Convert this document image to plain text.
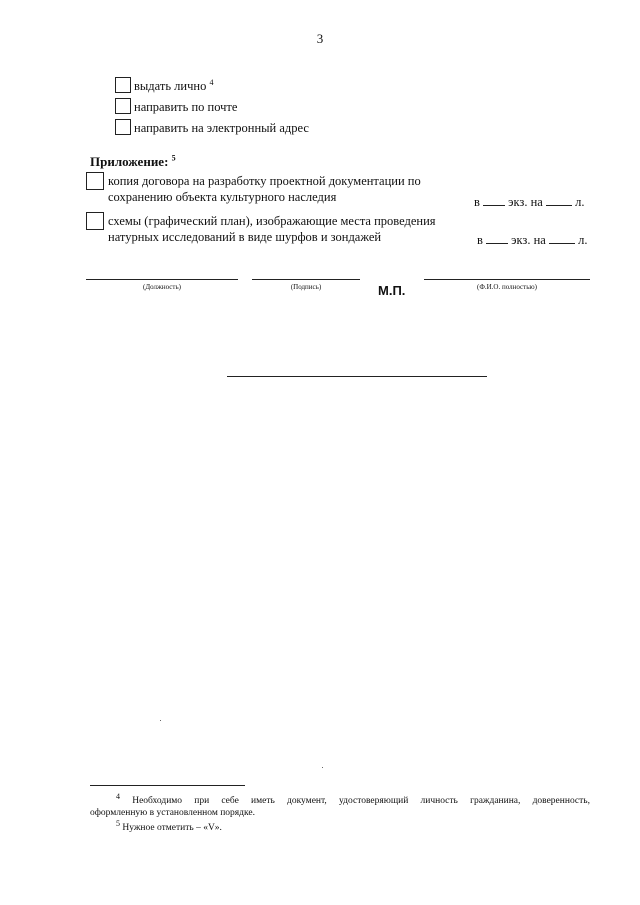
3
выдать лично $^4$
направить по почте
направить на электронный адрес
Приложение: $^5$
копия договора на разработку проектной документации по
сохранению объекта культурного наследия	в экз. на	л.
схемы (графический план), изображающие места проведения
натурных исследований в виде шурфов и зондажей	в экз. на	л.
(Должность)	(Подпись)	М.П.	(Ф.И.О. полностью)
$^4$ Необходимо при себе иметь документ, удостоверяющий личность гражданина, доверенность,
оформленную в установленном порядке.
$^5$ Нужное отметить – «V».
